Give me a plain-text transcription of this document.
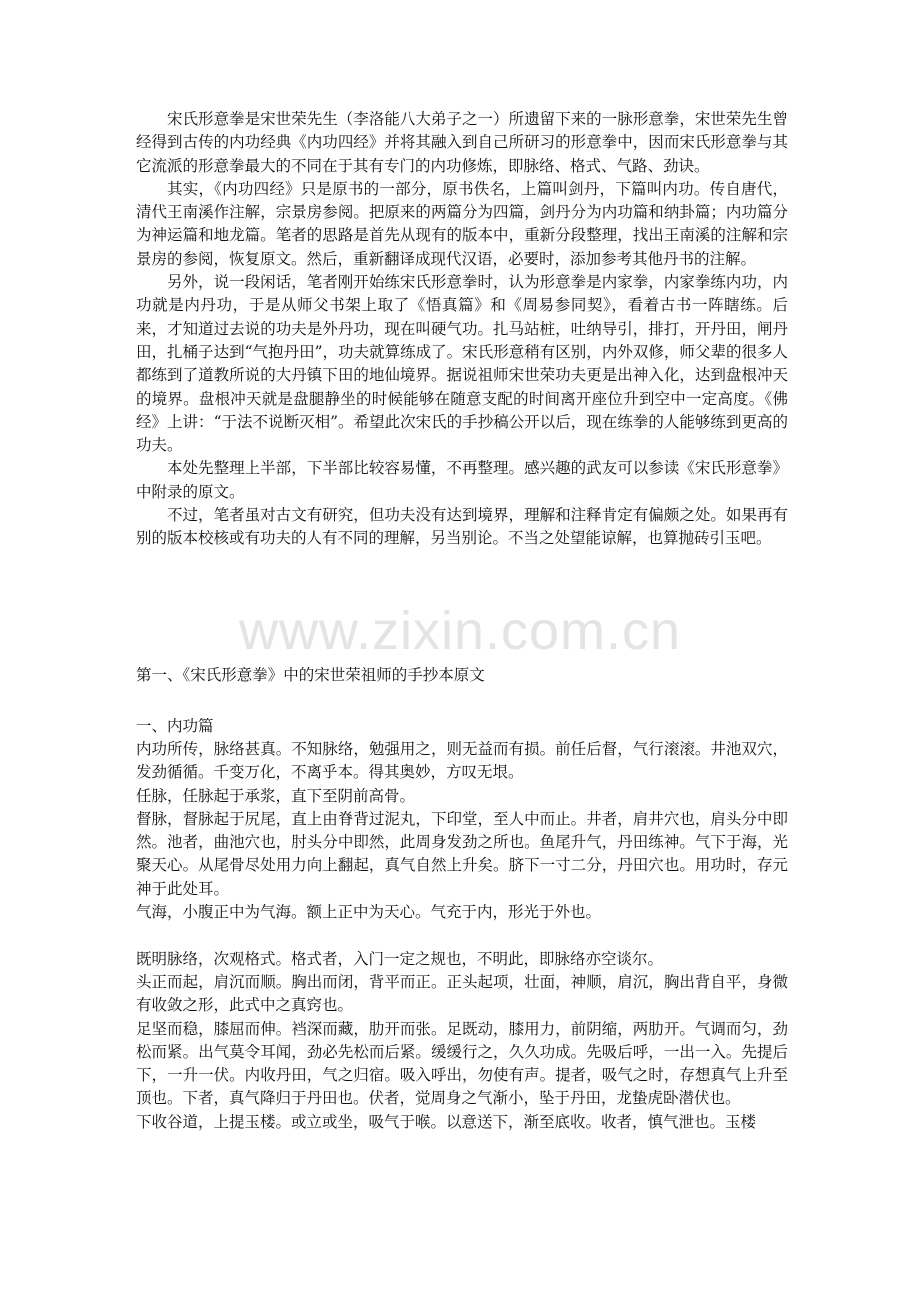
宋氏形意拳是宋世荣先生（李洛能八大弟子之一）所遗留下来的一脉形意拳，宋世荣先生曾经得到古传的内功经典《内功四经》并将其融入到自己所研习的形意拳中，因而宋氏形意拳与其它流派的形意拳最大的不同在于其有专门的内功修炼，即脉络、格式、气路、劲诀。

其实，《内功四经》只是原书的一部分，原书佚名，上篇叫剑丹，下篇叫内功。传自唐代，清代王南溪作注解，宗景房参阅。把原来的两篇分为四篇，剑丹分为内功篇和纳卦篇；内功篇分为神运篇和地龙篇。笔者的思路是首先从现有的版本中，重新分段整理，找出王南溪的注解和宗景房的参阅，恢复原文。然后，重新翻译成现代汉语，必要时，添加参考其他丹书的注解。

另外，说一段闲话，笔者刚开始练宋氏形意拳时，认为形意拳是内家拳，内家拳练内功，内功就是内丹功，于是从师父书架上取了《悟真篇》和《周易参同契》，看着古书一阵瞎练。后来，才知道过去说的功夫是外丹功，现在叫硬气功。扎马站桩，吐纳导引，排打，开丹田，闸丹田，扎桶子达到“气抱丹田”，功夫就算练成了。宋氏形意稍有区别，内外双修，师父辈的很多人都练到了道教所说的大丹镇下田的地仙境界。据说祖师宋世荣功夫更是出神入化，达到盘根冲天的境界。盘根冲天就是盘腿静坐的时候能够在随意支配的时间离开座位升到空中一定高度。《佛经》上讲：“于法不说断灭相”。希望此次宋氏的手抄稿公开以后，现在练拳的人能够练到更高的功夫。

本处先整理上半部，下半部比较容易懂，不再整理。感兴趣的武友可以参读《宋氏形意拳》中附录的原文。

不过，笔者虽对古文有研究，但功夫没有达到境界，理解和注释肯定有偏颇之处。如果再有别的版本校核或有功夫的人有不同的理解，另当别论。不当之处望能谅解，也算抛砖引玉吧。

www.zixin.com.cn

第一、《宋氏形意拳》中的宋世荣祖师的手抄本原文

一、内功篇

内功所传，脉络甚真。不知脉络，勉强用之，则无益而有损。前任后督，气行滚滚。井池双穴，发劲循循。千变万化，不离乎本。得其奥妙，方叹无垠。

任脉，任脉起于承浆，直下至阴前高骨。

督脉，督脉起于尻尾，直上由脊背过泥丸，下印堂，至人中而止。井者，肩井穴也，肩头分中即然。池者，曲池穴也，肘头分中即然，此周身发劲之所也。鱼尾升气，丹田练神。气下于海，光聚天心。从尾骨尽处用力向上翻起，真气自然上升矣。脐下一寸二分，丹田穴也。用功时，存元神于此处耳。

气海，小腹正中为气海。额上正中为天心。气充于内，形光于外也。

既明脉络，次观格式。格式者，入门一定之规也，不明此，即脉络亦空谈尔。

头正而起，肩沉而顺。胸出而闭，背平而正。正头起项，壮面，神顺，肩沉，胸出背自平，身微有收敛之形，此式中之真窍也。

足坚而稳，膝屈而伸。裆深而藏，肋开而张。足既动，膝用力，前阴缩，两肋开。气调而匀，劲松而紧。出气莫令耳闻，劲必先松而后紧。缓缓行之，久久功成。先吸后呼，一出一入。先提后下，一升一伏。内收丹田，气之归宿。吸入呼出，勿使有声。提者，吸气之时，存想真气上升至顶也。下者，真气降归于丹田也。伏者，觉周身之气渐小，坠于丹田，龙蛰虎卧潜伏也。

下收谷道，上提玉楼。或立或坐，吸气于喉。以意送下，渐至底收。收者，慎气泄也。玉楼
